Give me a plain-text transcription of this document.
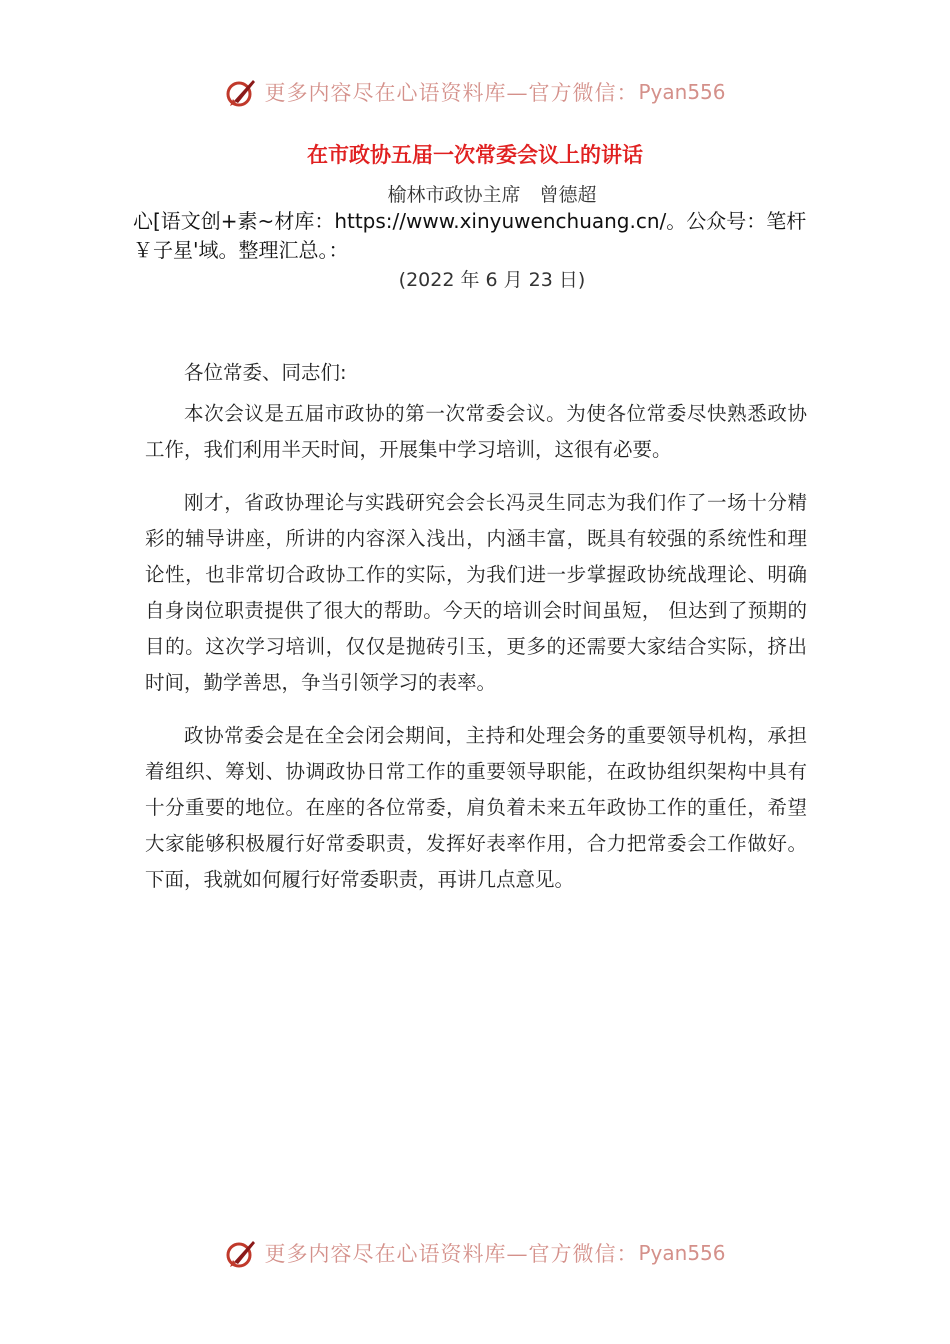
更多内容尽在心语资料库—官方微信： Pyan556
在市政协五届一次常委会议上的讲话
榆林市政协主席　曾德超
心[语文创+素~材库：https://www.xinyuwenchuang.cn/。公众号：笔杆￥子星'域。整理汇总。：
(2022 年 6 月 23 日)

各位常委、同志们:

本次会议是五届市政协的第一次常委会议。为使各位常委尽快熟悉政协工作，我们利用半天时间，开展集中学习培训，这很有必要。

刚才，省政协理论与实践研究会会长冯灵生同志为我们作了一场十分精彩的辅导讲座，所讲的内容深入浅出，内涵丰富，既具有较强的系统性和理论性，也非常切合政协工作的实际，为我们进一步掌握政协统战理论、明确自身岗位职责提供了很大的帮助。今天的培训会时间虽短， 但达到了预期的目的。这次学习培训，仅仅是抛砖引玉，更多的还需要大家结合实际，挤出时间，勤学善思，争当引领学习的表率。

政协常委会是在全会闭会期间，主持和处理会务的重要领导机构，承担着组织、筹划、协调政协日常工作的重要领导职能，在政协组织架构中具有十分重要的地位。在座的各位常委，肩负着未来五年政协工作的重任，希望大家能够积极履行好常委职责，发挥好表率作用，合力把常委会工作做好。下面，我就如何履行好常委职责，再讲几点意见。

更多内容尽在心语资料库—官方微信： Pyan556
